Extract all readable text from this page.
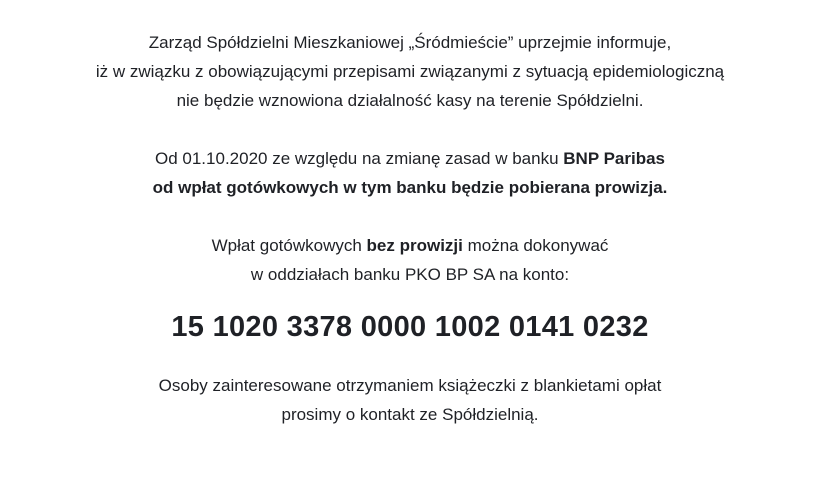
Zarząd Spółdzielni Mieszkaniowej „Śródmieście” uprzejmie informuje,
iż w związku z obowiązującymi przepisami związanymi z sytuacją epidemiologiczną
nie będzie wznowiona działalność kasy na terenie Spółdzielni.

Od 01.10.2020 ze względu na zmianę zasad w banku BNP Paribas
od wpłat gotówkowych w tym banku będzie pobierana prowizja.

Wpłat gotówkowych bez prowizji można dokonywać
w oddziałach banku PKO BP SA na konto:

15 1020 3378 0000 1002 0141 0232

Osoby zainteresowane otrzymaniem książeczki z blankietami opłat
prosimy o kontakt ze Spółdzielnią.
